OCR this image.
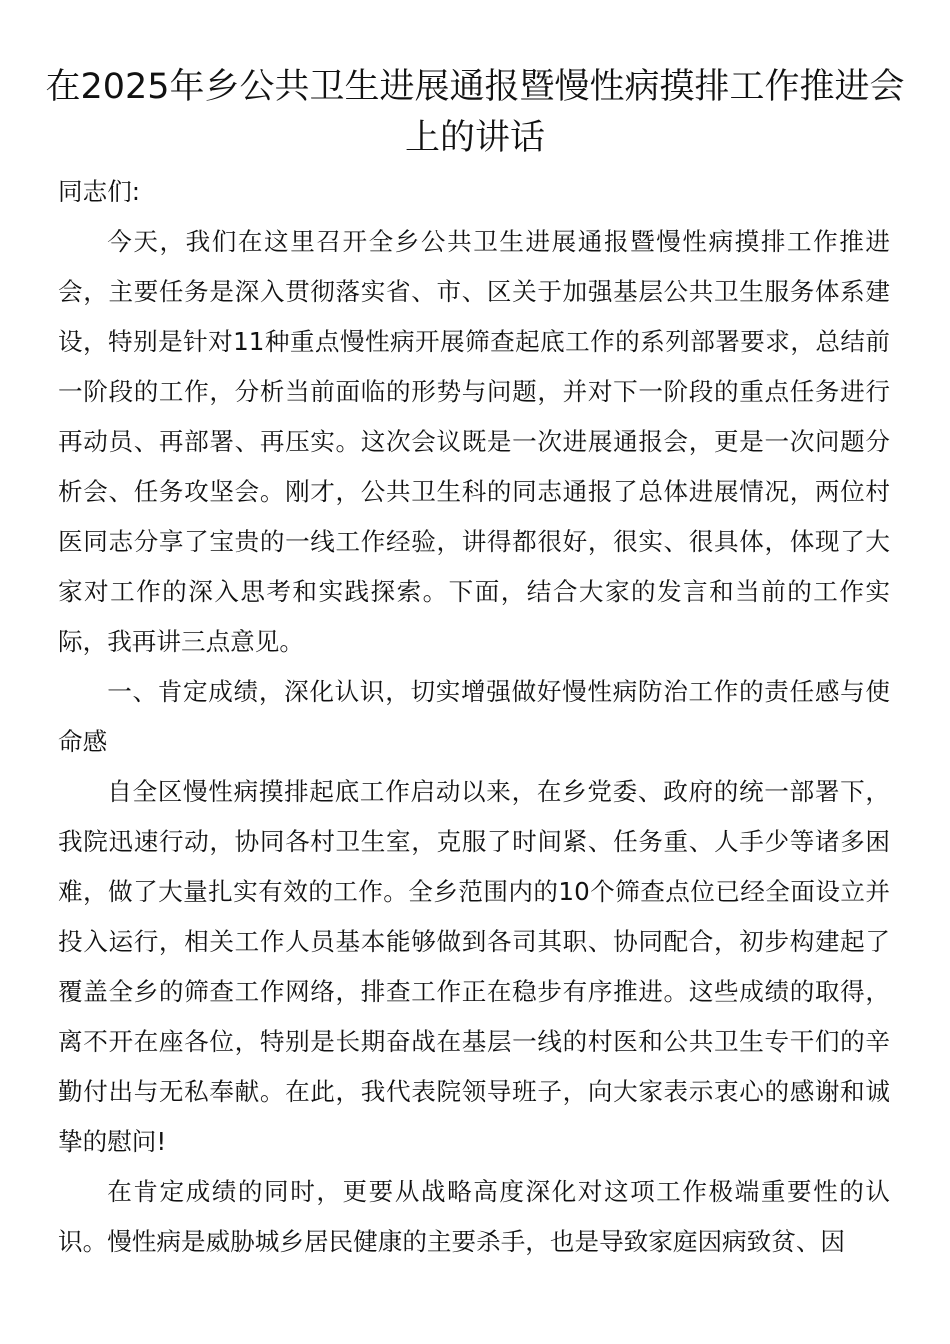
在2025年乡公共卫生进展通报暨慢性病摸排工作推进会上的讲话

同志们:

今天，我们在这里召开全乡公共卫生进展通报暨慢性病摸排工作推进会，主要任务是深入贯彻落实省、市、区关于加强基层公共卫生服务体系建设，特别是针对11种重点慢性病开展筛查起底工作的系列部署要求，总结前一阶段的工作，分析当前面临的形势与问题，并对下一阶段的重点任务进行再动员、再部署、再压实。这次会议既是一次进展通报会，更是一次问题分析会、任务攻坚会。刚才，公共卫生科的同志通报了总体进展情况，两位村医同志分享了宝贵的一线工作经验，讲得都很好，很实、很具体，体现了大家对工作的深入思考和实践探索。下面，结合大家的发言和当前的工作实际，我再讲三点意见。

一、肯定成绩，深化认识，切实增强做好慢性病防治工作的责任感与使命感

自全区慢性病摸排起底工作启动以来，在乡党委、政府的统一部署下，我院迅速行动，协同各村卫生室，克服了时间紧、任务重、人手少等诸多困难，做了大量扎实有效的工作。全乡范围内的10个筛查点位已经全面设立并投入运行，相关工作人员基本能够做到各司其职、协同配合，初步构建起了覆盖全乡的筛查工作网络，排查工作正在稳步有序推进。这些成绩的取得，离不开在座各位，特别是长期奋战在基层一线的村医和公共卫生专干们的辛勤付出与无私奉献。在此，我代表院领导班子，向大家表示衷心的感谢和诚挚的慰问!

在肯定成绩的同时，更要从战略高度深化对这项工作极端重要性的认识。慢性病是威胁城乡居民健康的主要杀手，也是导致家庭因病致贫、因
